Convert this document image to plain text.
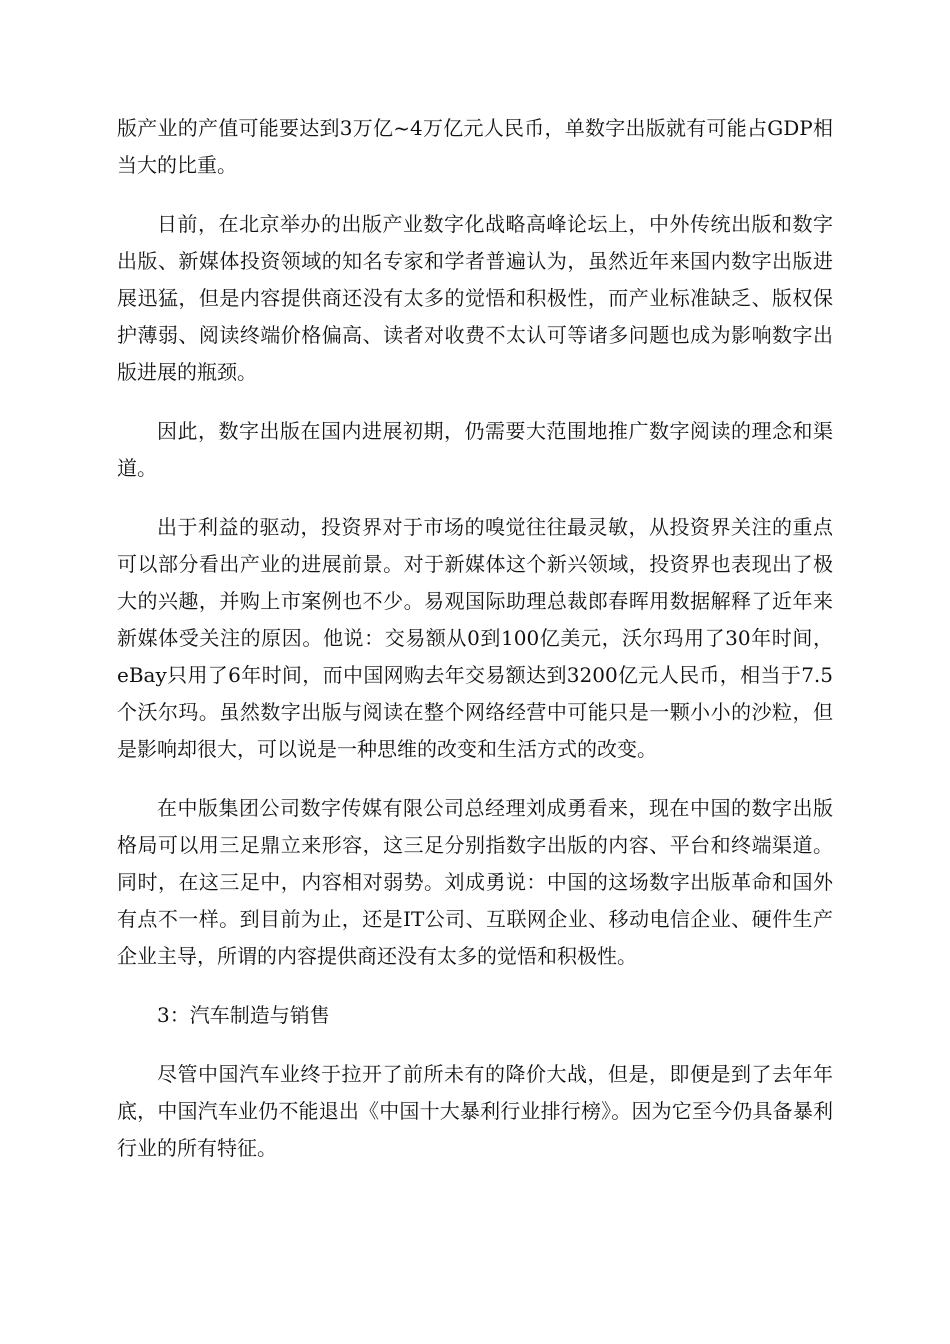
版产业的产值可能要达到3万亿~4万亿元人民币，单数字出版就有可能占GDP相当大的比重。

日前，在北京举办的出版产业数字化战略高峰论坛上，中外传统出版和数字出版、新媒体投资领域的知名专家和学者普遍认为，虽然近年来国内数字出版进展迅猛，但是内容提供商还没有太多的觉悟和积极性，而产业标准缺乏、版权保护薄弱、阅读终端价格偏高、读者对收费不太认可等诸多问题也成为影响数字出版进展的瓶颈。

因此，数字出版在国内进展初期，仍需要大范围地推广数字阅读的理念和渠道。

出于利益的驱动，投资界对于市场的嗅觉往往最灵敏，从投资界关注的重点可以部分看出产业的进展前景。对于新媒体这个新兴领域，投资界也表现出了极大的兴趣，并购上市案例也不少。易观国际助理总裁郎春晖用数据解释了近年来新媒体受关注的原因。他说：交易额从0到100亿美元，沃尔玛用了30年时间，eBay只用了6年时间，而中国网购去年交易额达到3200亿元人民币，相当于7.5个沃尔玛。虽然数字出版与阅读在整个网络经营中可能只是一颗小小的沙粒，但是影响却很大，可以说是一种思维的改变和生活方式的改变。

在中版集团公司数字传媒有限公司总经理刘成勇看来，现在中国的数字出版格局可以用三足鼎立来形容，这三足分别指数字出版的内容、平台和终端渠道。同时，在这三足中，内容相对弱势。刘成勇说：中国的这场数字出版革命和国外有点不一样。到目前为止，还是IT公司、互联网企业、移动电信企业、硬件生产企业主导，所谓的内容提供商还没有太多的觉悟和积极性。

3：汽车制造与销售

尽管中国汽车业终于拉开了前所未有的降价大战，但是，即便是到了去年年底，中国汽车业仍不能退出《中国十大暴利行业排行榜》。因为它至今仍具备暴利行业的所有特征。
